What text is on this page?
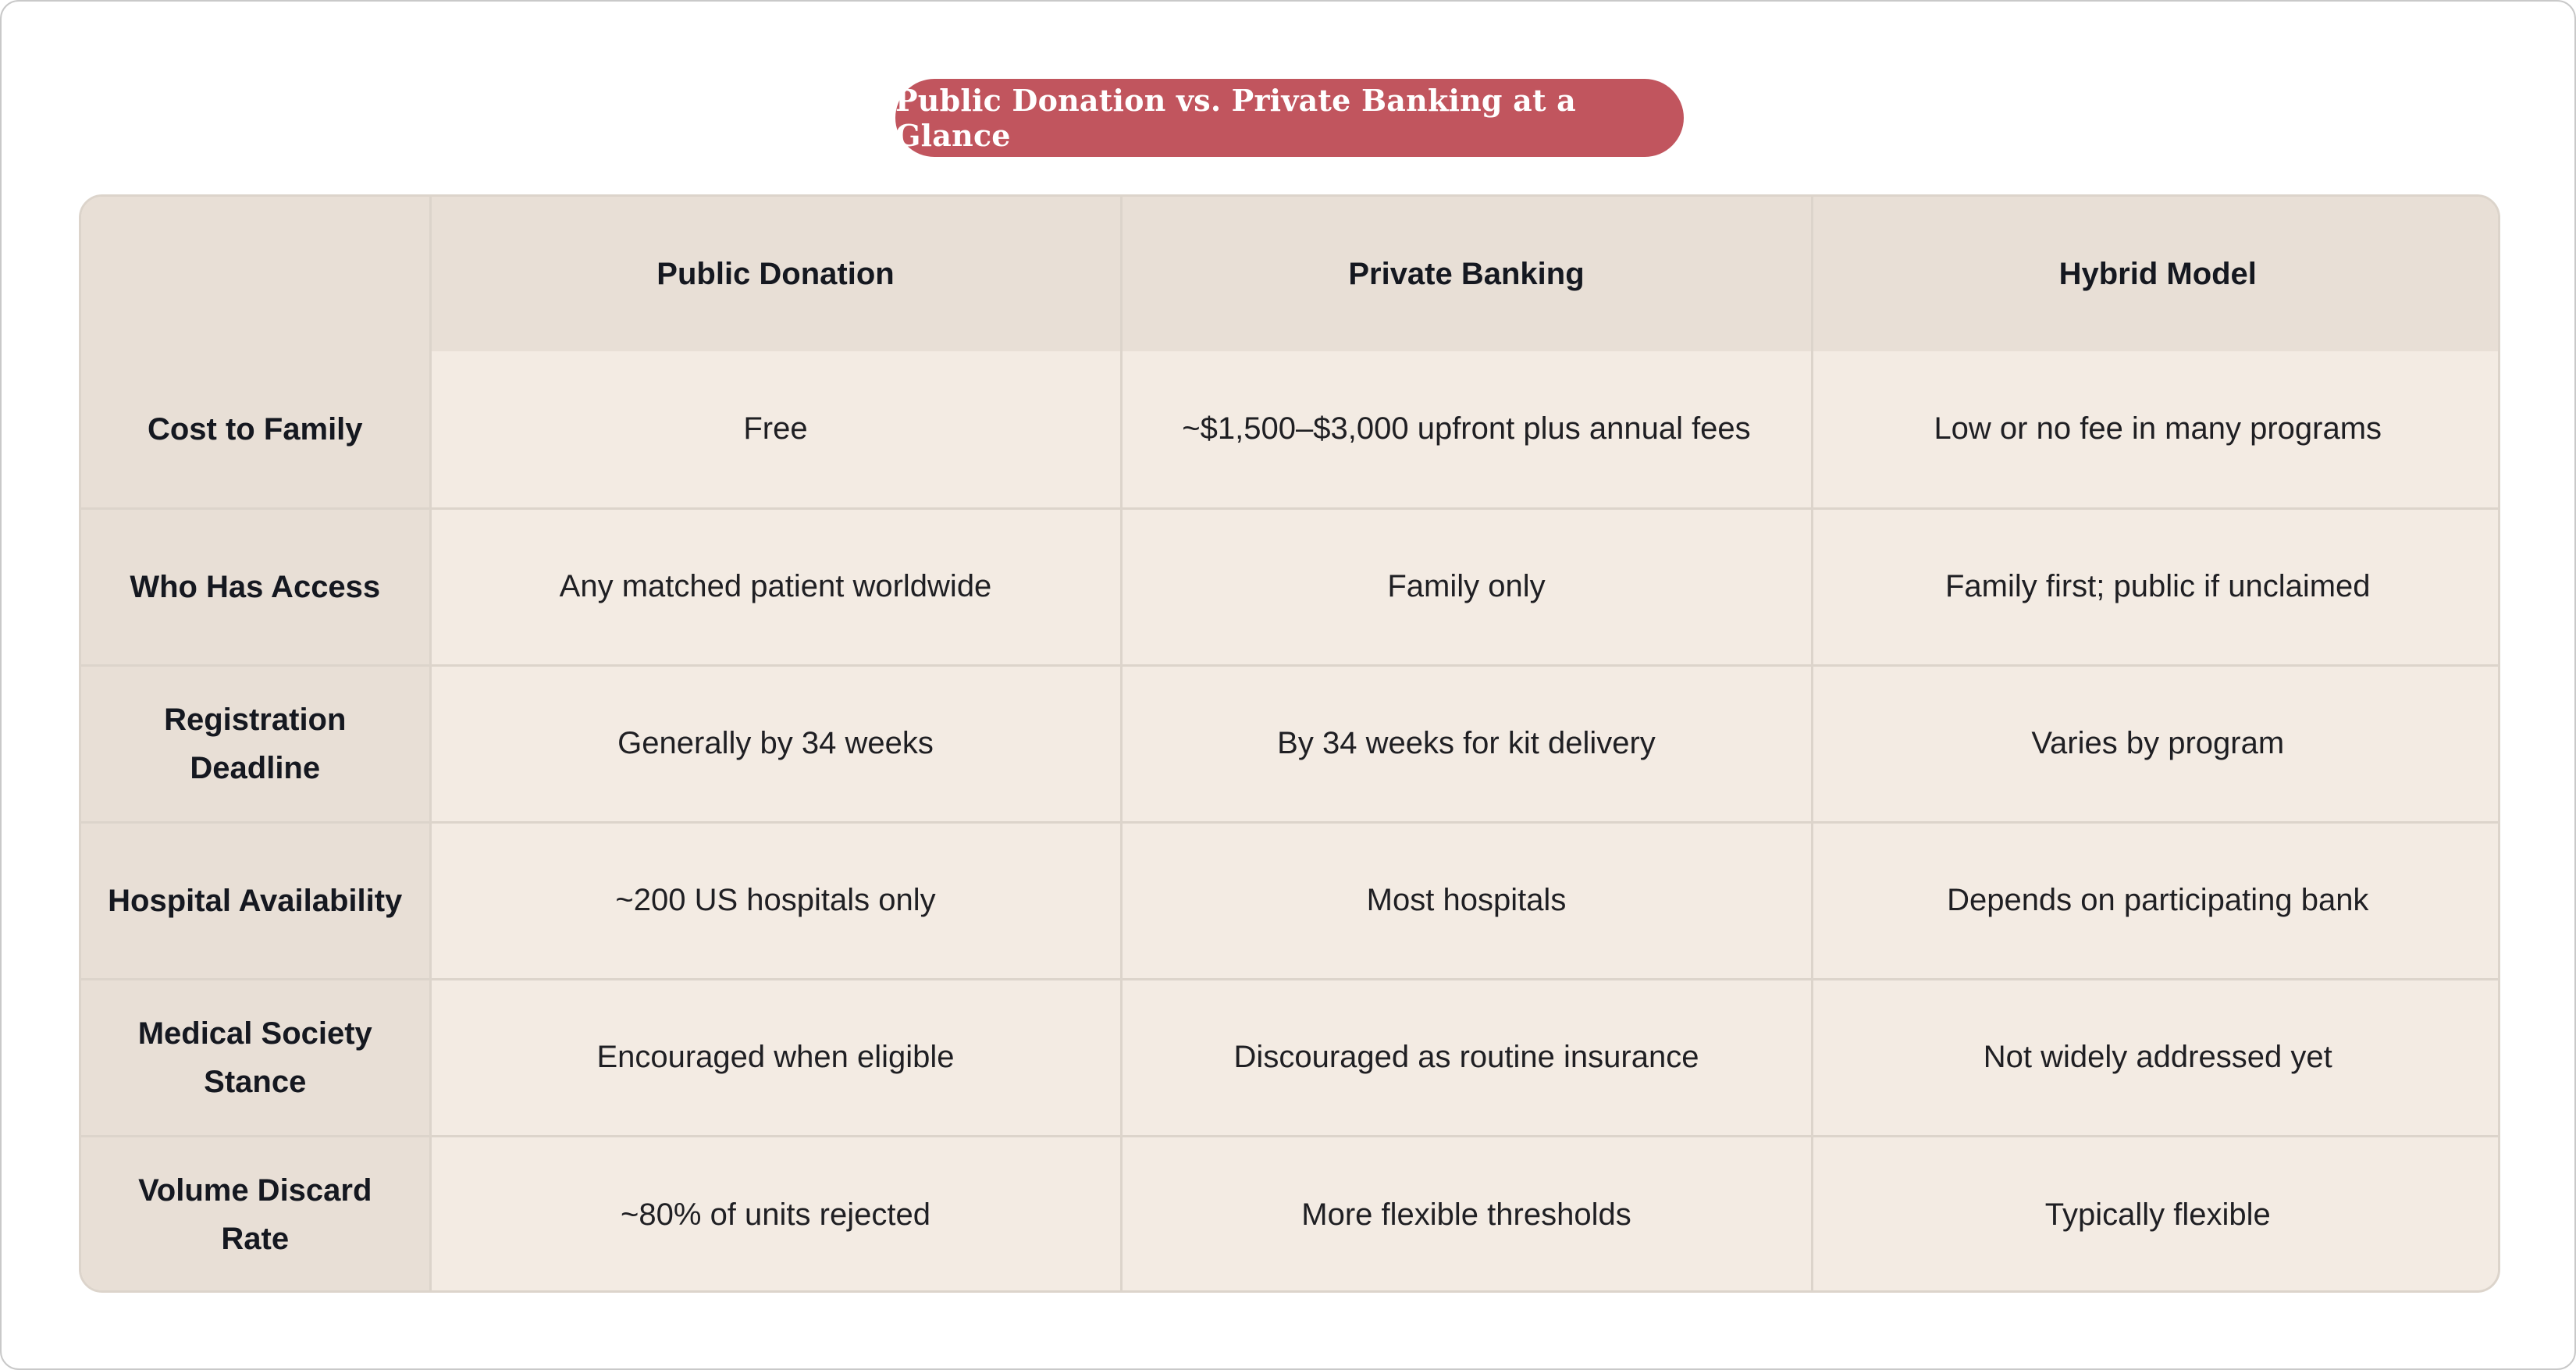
Public Donation vs. Private Banking at a Glance
	Public Donation	Private Banking	Hybrid Model
Cost to Family	Free	~$1,500–$3,000 upfront plus annual fees	Low or no fee in many programs
Who Has Access	Any matched patient worldwide	Family only	Family first; public if unclaimed
Registration Deadline	Generally by 34 weeks	By 34 weeks for kit delivery	Varies by program
Hospital Availability	~200 US hospitals only	Most hospitals	Depends on participating bank
Medical Society Stance	Encouraged when eligible	Discouraged as routine insurance	Not widely addressed yet
Volume Discard Rate	~80% of units rejected	More flexible thresholds	Typically flexible
